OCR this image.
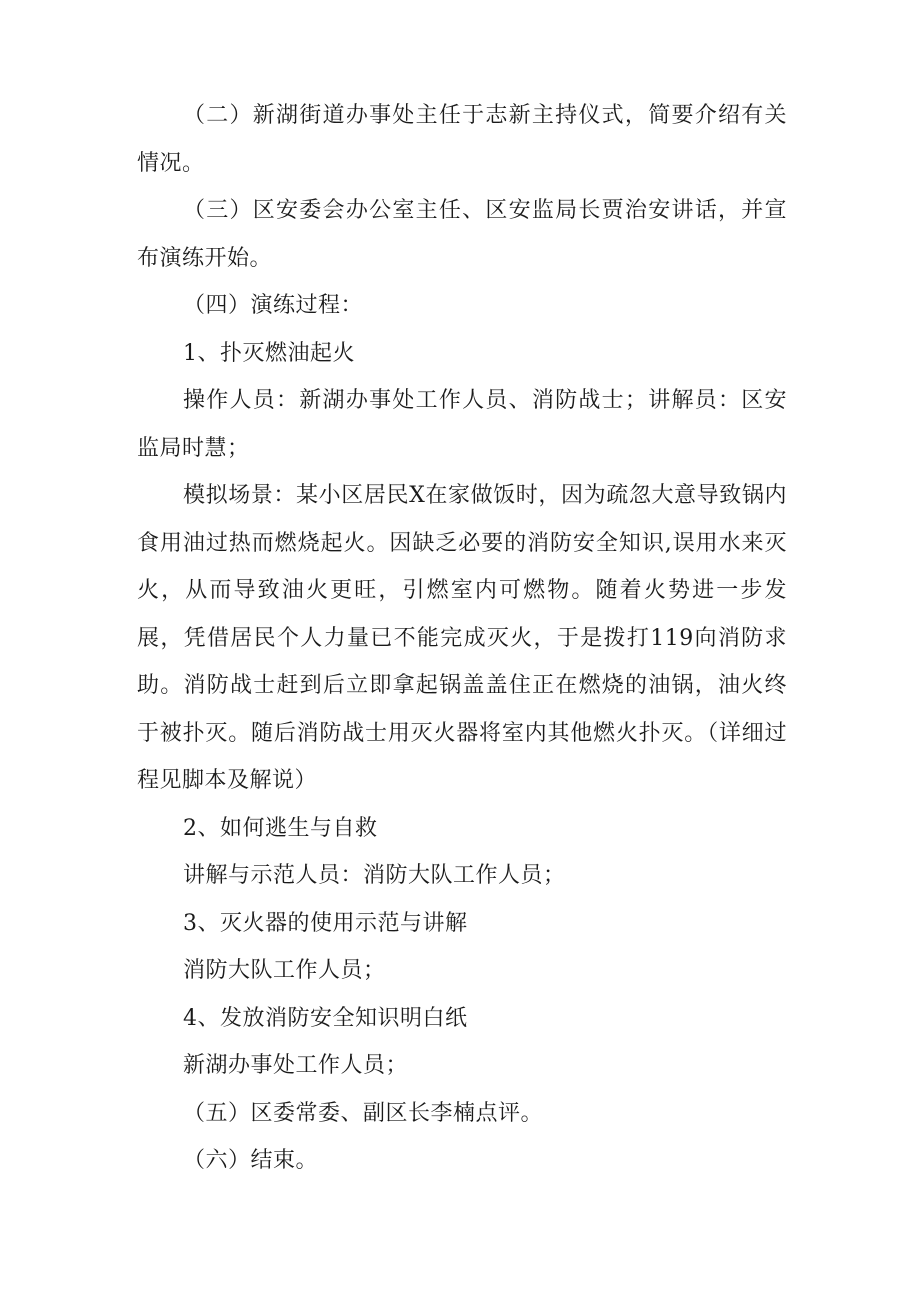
（二）新湖街道办事处主任于志新主持仪式，简要介绍有关情况。

（三）区安委会办公室主任、区安监局长贾治安讲话，并宣布演练开始。

（四）演练过程：

1、扑灭燃油起火

操作人员：新湖办事处工作人员、消防战士；讲解员：区安监局时慧；

模拟场景：某小区居民X在家做饭时，因为疏忽大意导致锅内食用油过热而燃烧起火。因缺乏必要的消防安全知识,误用水来灭火，从而导致油火更旺，引燃室内可燃物。随着火势进一步发展，凭借居民个人力量已不能完成灭火，于是拨打119向消防求助。消防战士赶到后立即拿起锅盖盖住正在燃烧的油锅，油火终于被扑灭。随后消防战士用灭火器将室内其他燃火扑灭。（详细过程见脚本及解说）

2、如何逃生与自救

讲解与示范人员：消防大队工作人员；

3、灭火器的使用示范与讲解

消防大队工作人员；

4、发放消防安全知识明白纸

新湖办事处工作人员；

（五）区委常委、副区长李楠点评。

（六）结束。
